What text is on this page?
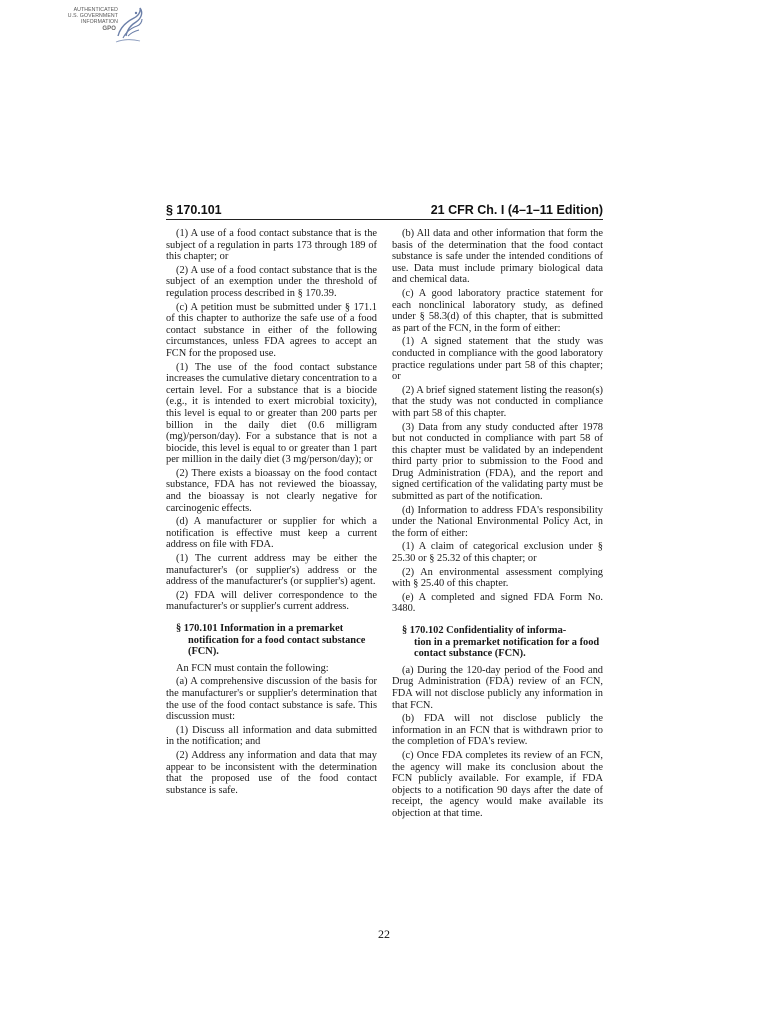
AUTHENTICATED
U.S. GOVERNMENT
INFORMATION
GPO
§ 170.101	21 CFR Ch. I (4–1–11 Edition)

(1) A use of a food contact substance that is the subject of a regulation in parts 173 through 189 of this chapter; or

(2) A use of a food contact substance that is the subject of an exemption under the threshold of regulation process described in § 170.39.

(c) A petition must be submitted under § 171.1 of this chapter to authorize the safe use of a food contact substance in either of the following circumstances, unless FDA agrees to accept an FCN for the proposed use.

(1) The use of the food contact substance increases the cumulative dietary concentration to a certain level. For a substance that is a biocide (e.g., it is intended to exert microbial toxicity), this level is equal to or greater than 200 parts per billion in the daily diet (0.6 milligram (mg)/person/day). For a substance that is not a biocide, this level is equal to or greater than 1 part per million in the daily diet (3 mg/person/day); or

(2) There exists a bioassay on the food contact substance, FDA has not reviewed the bioassay, and the bioassay is not clearly negative for carcinogenic effects.

(d) A manufacturer or supplier for which a notification is effective must keep a current address on file with FDA.

(1) The current address may be either the manufacturer's (or supplier's) address or the address of the manufacturer's (or supplier's) agent.

(2) FDA will deliver correspondence to the manufacturer's or supplier's current address.

§ 170.101 Information in a premarket
notification for a food contact substance (FCN).

An FCN must contain the following:

(a) A comprehensive discussion of the basis for the manufacturer's or supplier's determination that the use of the food contact substance is safe. This discussion must:

(1) Discuss all information and data submitted in the notification; and

(2) Address any information and data that may appear to be inconsistent with the determination that the proposed use of the food contact substance is safe.

(b) All data and other information that form the basis of the determination that the food contact substance is safe under the intended conditions of use. Data must include primary biological data and chemical data.

(c) A good laboratory practice statement for each nonclinical laboratory study, as defined under § 58.3(d) of this chapter, that is submitted as part of the FCN, in the form of either:

(1) A signed statement that the study was conducted in compliance with the good laboratory practice regulations under part 58 of this chapter; or

(2) A brief signed statement listing the reason(s) that the study was not conducted in compliance with part 58 of this chapter.

(3) Data from any study conducted after 1978 but not conducted in compliance with part 58 of this chapter must be validated by an independent third party prior to submission to the Food and Drug Administration (FDA), and the report and signed certification of the validating party must be submitted as part of the notification.

(d) Information to address FDA's responsibility under the National Environmental Policy Act, in the form of either:

(1) A claim of categorical exclusion under § 25.30 or § 25.32 of this chapter; or

(2) An environmental assessment complying with § 25.40 of this chapter.

(e) A completed and signed FDA Form No. 3480.

§ 170.102 Confidentiality of informa-
tion in a premarket notification for a food contact substance (FCN).

(a) During the 120-day period of the Food and Drug Administration (FDA) review of an FCN, FDA will not disclose publicly any information in that FCN.

(b) FDA will not disclose publicly the information in an FCN that is withdrawn prior to the completion of FDA's review.

(c) Once FDA completes its review of an FCN, the agency will make its conclusion about the FCN publicly available. For example, if FDA objects to a notification 90 days after the date of receipt, the agency would make available its objection at that time.

22
